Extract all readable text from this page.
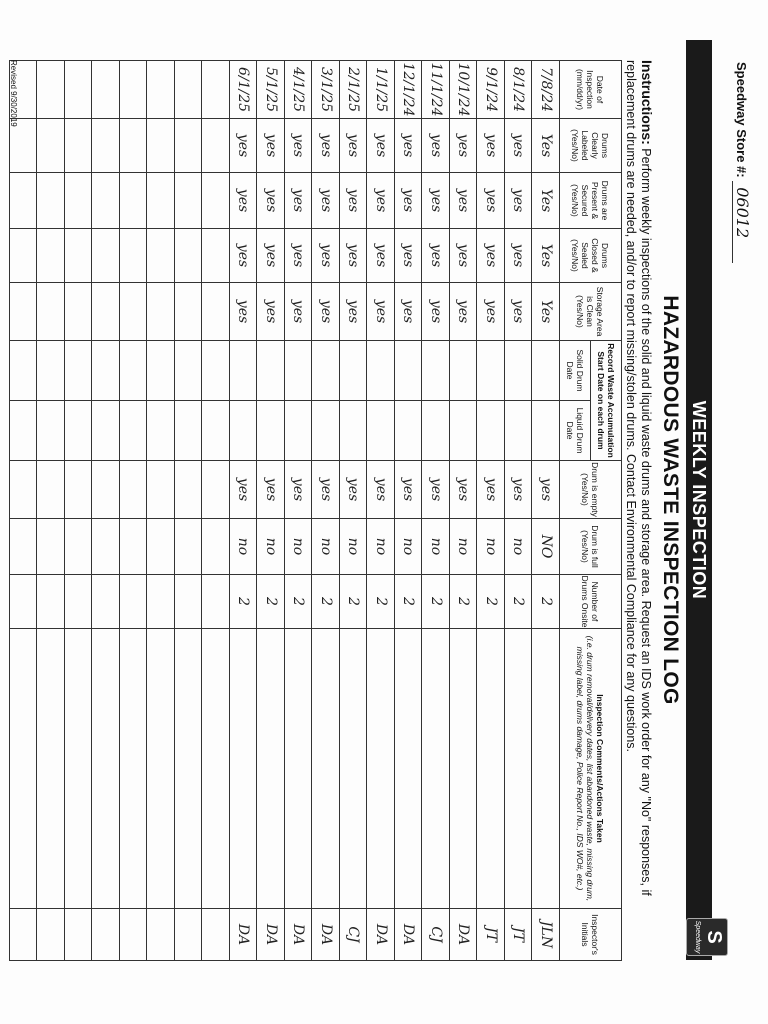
Speedway Store #: 06012
WEEKLY INSPECTION
S
Speedway
HAZARDOUS WASTE INSPECTION LOG
Instructions: Perform weekly inspections of the solid and liquid waste drums and storage area. Request an IDS work order for any "No" responses, if replacement drums are needed, and/or to report missing/stolen drums. Contact Environmental Compliance for any questions.
Date of Inspection (mm/dd/yr)	Drums Clearly Labeled (Yes/No)	Drums are Present & Secured (Yes/No)	Drums Closed & Sealed (Yes/No)	Storage Area is Clean (Yes/No)	Record Waste Accumulation Start Date on each drum		Drum is empty (Yes/No)	Drum is full (Yes/No)	Number of Drums Onsite	Inspection Comments/Actions Taken
(i.e. drum removal/delivery dates, list abandoned waste, missing drum, missing label, drums damage, Police Report No., IDS WO#, etc.)	Inspector's Initials
					Solid Drum Date	Liquid Drum Date					
7/8/24	Yes	Yes	Yes	Yes			yes	NO	2		JLN
8/1/24	yes	yes	yes	yes			yes	no	2		JT
9/1/24	yes	yes	yes	yes			yes	no	2		JT
10/1/24	yes	yes	yes	yes			yes	no	2		DA
11/1/24	yes	yes	yes	yes			yes	no	2		CJ
12/1/24	yes	yes	yes	yes			yes	no	2		DA
1/1/25	yes	yes	yes	yes			yes	no	2		DA
2/1/25	yes	yes	yes	yes			yes	no	2		CJ
3/1/25	yes	yes	yes	yes			yes	no	2		DA
4/1/25	yes	yes	yes	yes			yes	no	2		DA
5/1/25	yes	yes	yes	yes			yes	no	2		DA
6/1/25	yes	yes	yes	yes			yes	no	2		DA

Revised 9/30/2019
